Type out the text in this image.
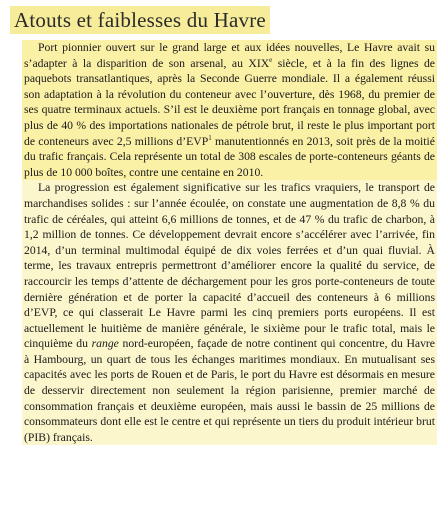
Atouts et faiblesses du Havre

Port pionnier ouvert sur le grand large et aux idées nouvelles, Le Havre avait su s’adapter à la disparition de son arsenal, au XIXe siècle, et à la fin des lignes de paquebots transatlantiques, après la Seconde Guerre mondiale. Il a également réussi son adaptation à la révolution du conteneur avec l’ouverture, dès 1968, du premier de ses quatre terminaux actuels. S’il est le deuxième port français en tonnage global, avec plus de 40 % des importations nationales de pétrole brut, il reste le plus important port de conteneurs avec 2,5 millions d’EVP$^1$ manutentionnés en 2013, soit près de la moitié du trafic français. Cela représente un total de 308 escales de porte-conteneurs géants de plus de 10 000 boîtes, contre une centaine en 2010.

La progression est également significative sur les trafics vraquiers, le transport de marchandises solides : sur l’année écoulée, on constate une augmentation de 8,8 % du trafic de céréales, qui atteint 6,6 millions de tonnes, et de 47 % du trafic de charbon, à 1,2 million de tonnes. Ce développement devrait encore s’accélérer avec l’arrivée, fin 2014, d’un terminal multimodal équipé de dix voies ferrées et d’un quai fluvial. À terme, les travaux entrepris permettront d’améliorer encore la qualité du service, de raccourcir les temps d’attente de déchargement pour les gros porte-conteneurs de toute dernière génération et de porter la capacité d’accueil des conteneurs à 6 millions d’EVP, ce qui classerait Le Havre parmi les cinq premiers ports européens. Il est actuellement le huitième de manière générale, le sixième pour le trafic total, mais le cinquième du range nord-européen, façade de notre continent qui concentre, du Havre à Hambourg, un quart de tous les échanges maritimes mondiaux. En mutualisant ses capacités avec les ports de Rouen et de Paris, le port du Havre est désormais en mesure de desservir directement non seulement la région parisienne, premier marché de consommation français et deuxième européen, mais aussi le bassin de 25 millions de consommateurs dont elle est le centre et qui représente un tiers du produit intérieur brut (PIB) français.
